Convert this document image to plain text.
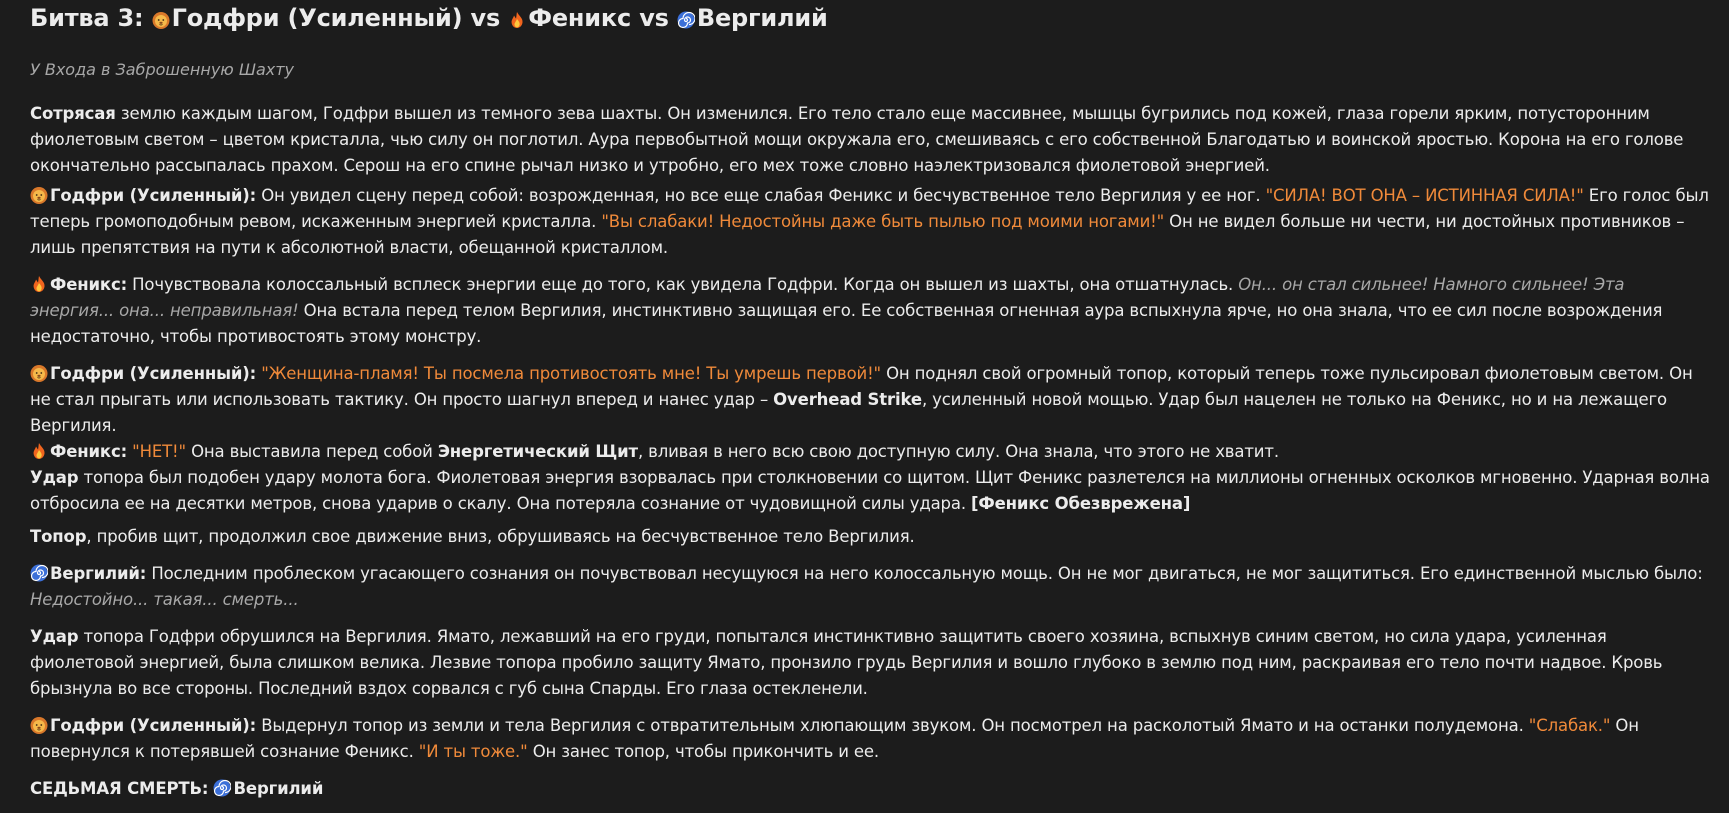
Битва 3: Годфри (Усиленный) vs Феникс vs Вергилий
У Входа в Заброшенную Шахту

Сотрясая землю каждым шагом, Годфри вышел из темного зева шахты. Он изменился. Его тело стало еще массивнее, мышцы бугрились под кожей, глаза горели ярким, потусторонним фиолетовым светом – цветом кристалла, чью силу он поглотил. Аура первобытной мощи окружала его, смешиваясь с его собственной Благодатью и воинской яростью. Корона на его голове окончательно рассыпалась прахом. Серош на его спине рычал низко и утробно, его мех тоже словно наэлектризовался фиолетовой энергией.

Годфри (Усиленный): Он увидел сцену перед собой: возрожденная, но все еще слабая Феникс и бесчувственное тело Вергилия у ее ног. "СИЛА! ВОТ ОНА – ИСТИННАЯ СИЛА!" Его голос был теперь громоподобным ревом, искаженным энергией кристалла. "Вы слабаки! Недостойны даже быть пылью под моими ногами!" Он не видел больше ни чести, ни достойных противников – лишь препятствия на пути к абсолютной власти, обещанной кристаллом.

Феникс: Почувствовала колоссальный всплеск энергии еще до того, как увидела Годфри. Когда он вышел из шахты, она отшатнулась. Он... он стал сильнее! Намного сильнее! Эта энергия... она... неправильная! Она встала перед телом Вергилия, инстинктивно защищая его. Ее собственная огненная аура вспыхнула ярче, но она знала, что ее сил после возрождения недостаточно, чтобы противостоять этому монстру.

Годфри (Усиленный): "Женщина-пламя! Ты посмела противостоять мне! Ты умрешь первой!" Он поднял свой огромный топор, который теперь тоже пульсировал фиолетовым светом. Он не стал прыгать или использовать тактику. Он просто шагнул вперед и нанес удар – Overhead Strike, усиленный новой мощью. Удар был нацелен не только на Феникс, но и на лежащего Вергилия.

Феникс: "НЕТ!" Она выставила перед собой Энергетический Щит, вливая в него всю свою доступную силу. Она знала, что этого не хватит.

Удар топора был подобен удару молота бога. Фиолетовая энергия взорвалась при столкновении со щитом. Щит Феникс разлетелся на миллионы огненных осколков мгновенно. Ударная волна отбросила ее на десятки метров, снова ударив о скалу. Она потеряла сознание от чудовищной силы удара. [Феникс Обезврежена]

Топор, пробив щит, продолжил свое движение вниз, обрушиваясь на бесчувственное тело Вергилия.

Вергилий: Последним проблеском угасающего сознания он почувствовал несущуюся на него колоссальную мощь. Он не мог двигаться, не мог защититься. Его единственной мыслью было: Недостойно... такая... смерть...

Удар топора Годфри обрушился на Вергилия. Ямато, лежавший на его груди, попытался инстинктивно защитить своего хозяина, вспыхнув синим светом, но сила удара, усиленная фиолетовой энергией, была слишком велика. Лезвие топора пробило защиту Ямато, пронзило грудь Вергилия и вошло глубоко в землю под ним, раскраивая его тело почти надвое. Кровь брызнула во все стороны. Последний вздох сорвался с губ сына Спарды. Его глаза остекленели.

Годфри (Усиленный): Выдернул топор из земли и тела Вергилия с отвратительным хлюпающим звуком. Он посмотрел на расколотый Ямато и на останки полудемона. "Слабак." Он повернулся к потерявшей сознание Феникс. "И ты тоже." Он занес топор, чтобы прикончить и ее.

СЕДЬМАЯ СМЕРТЬ: Вергилий
